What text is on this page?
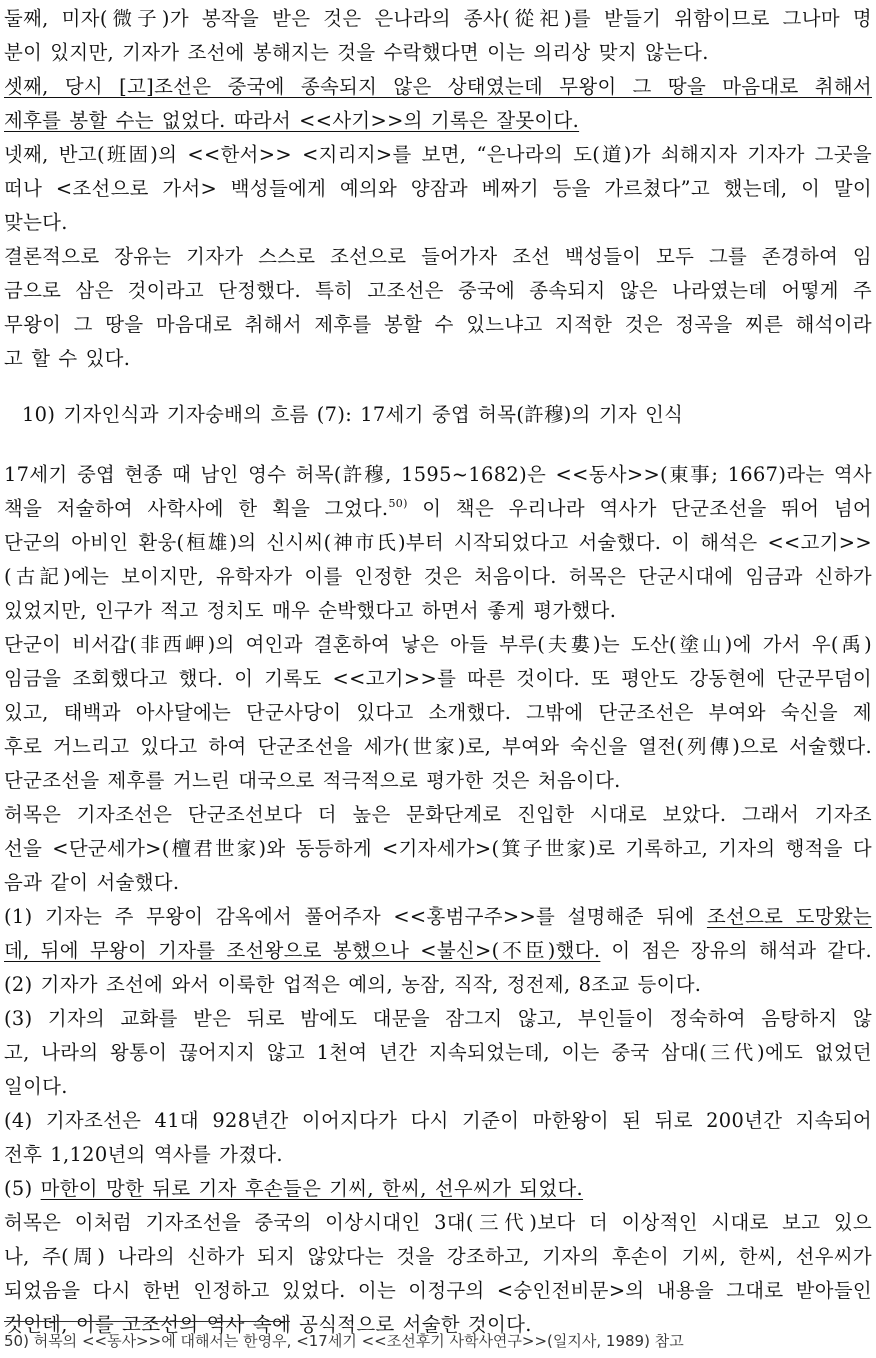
둘째, 미자(微子)가 봉작을 받은 것은 은나라의 종사(從祀)를 받들기 위함이므로 그나마 명
분이 있지만, 기자가 조선에 봉해지는 것을 수락했다면 이는 의리상 맞지 않는다.
셋째, 당시 [고]조선은 중국에 종속되지 않은 상태였는데 무왕이 그 땅을 마음대로 취해서
제후를 봉할 수는 없었다. 따라서 <<사기>>의 기록은 잘못이다.
넷째, 반고(班固)의 <<한서>> <지리지>를 보면, “은나라의 도(道)가 쇠해지자 기자가 그곳을
떠나 <조선으로 가서> 백성들에게 예의와 양잠과 베짜기 등을 가르쳤다”고 했는데, 이 말이
맞는다.
결론적으로 장유는 기자가 스스로 조선으로 들어가자 조선 백성들이 모두 그를 존경하여 임
금으로 삼은 것이라고 단정했다. 특히 고조선은 중국에 종속되지 않은 나라였는데 어떻게 주
무왕이 그 땅을 마음대로 취해서 제후를 봉할 수 있느냐고 지적한 것은 정곡을 찌른 해석이라
고 할 수 있다.
10) 기자인식과 기자숭배의 흐름 (7): 17세기 중엽 허목(許穆)의 기자 인식
17세기 중엽 현종 때 남인 영수 허목(許穆, 1595~1682)은 <<동사>>(東事; 1667)라는 역사
책을 저술하여 사학사에 한 획을 그었다.$^{50)}$ 이 책은 우리나라 역사가 단군조선을 뛰어 넘어
단군의 아비인 환웅(桓雄)의 신시씨(神市氏)부터 시작되었다고 서술했다. 이 해석은 <<고기>>
(古記)에는 보이지만, 유학자가 이를 인정한 것은 처음이다. 허목은 단군시대에 임금과 신하가
있었지만, 인구가 적고 정치도 매우 순박했다고 하면서 좋게 평가했다.
단군이 비서갑(非西岬)의 여인과 결혼하여 낳은 아들 부루(夫婁)는 도산(塗山)에 가서 우(禹)
임금을 조회했다고 했다. 이 기록도 <<고기>>를 따른 것이다. 또 평안도 강동현에 단군무덤이
있고, 태백과 아사달에는 단군사당이 있다고 소개했다. 그밖에 단군조선은 부여와 숙신을 제
후로 거느리고 있다고 하여 단군조선을 세가(世家)로, 부여와 숙신을 열전(列傳)으로 서술했다.
단군조선을 제후를 거느린 대국으로 적극적으로 평가한 것은 처음이다.
허목은 기자조선은 단군조선보다 더 높은 문화단계로 진입한 시대로 보았다. 그래서 기자조
선을 <단군세가>(檀君世家)와 동등하게 <기자세가>(箕子世家)로 기록하고, 기자의 행적을 다
음과 같이 서술했다.
(1) 기자는 주 무왕이 감옥에서 풀어주자 <<홍범구주>>를 설명해준 뒤에 조선으로 도망왔는
데, 뒤에 무왕이 기자를 조선왕으로 봉했으나 <불신>(不臣)했다. 이 점은 장유의 해석과 같다.
(2) 기자가 조선에 와서 이룩한 업적은 예의, 농잠, 직작, 정전제, 8조교 등이다.
(3) 기자의 교화를 받은 뒤로 밤에도 대문을 잠그지 않고, 부인들이 정숙하여 음탕하지 않
고, 나라의 왕통이 끊어지지 않고 1천여 년간 지속되었는데, 이는 중국 삼대(三代)에도 없었던
일이다.
(4) 기자조선은 41대 928년간 이어지다가 다시 기준이 마한왕이 된 뒤로 200년간 지속되어
전후 1,120년의 역사를 가졌다.
(5) 마한이 망한 뒤로 기자 후손들은 기씨, 한씨, 선우씨가 되었다.
허목은 이처럼 기자조선을 중국의 이상시대인 3대(三代)보다 더 이상적인 시대로 보고 있으
나, 주(周) 나라의 신하가 되지 않았다는 것을 강조하고, 기자의 후손이 기씨, 한씨, 선우씨가
되었음을 다시 한번 인정하고 있었다. 이는 이정구의 <숭인전비문>의 내용을 그대로 받아들인
것인데, 이를 고조선의 역사 속에 공식적으로 서술한 것이다.
50) 허목의 <<동사>>에 대해서는 한영우, <17세기 <<조선후기 사학사연구>>(일지사, 1989) 참고
